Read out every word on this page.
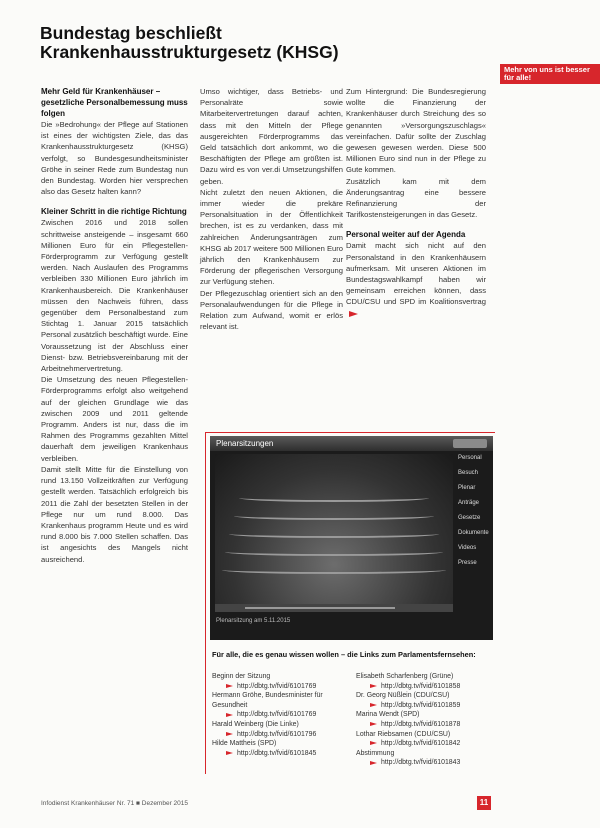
Bundestag beschließt
Krankenhausstrukturgesetz (KHSG)
Mehr von uns ist besser für alle!
Mehr Geld für Krankenhäuser – gesetzliche Personalbemessung muss folgen

Die »Bedrohung« der Pflege auf Stationen ist eines der wichtigsten Ziele, das das Krankenhausstrukturgesetz (KHSG) verfolgt, so Bundesgesundheitsminister Gröhe in seiner Rede zum Bundestag nun den Bundestag. Worden hier versprechen also das Gesetz halten kann?

Kleiner Schritt in die richtige Richtung

Zwischen 2016 und 2018 sollen schrittweise ansteigende – insgesamt 660 Millionen Euro für ein Pflegestellen-Förderprogramm zur Verfügung gestellt werden. Nach Auslaufen des Programms verbleiben 330 Millionen Euro jährlich im Krankenhausbereich. Die Krankenhäuser müssen den Nachweis führen, dass gegenüber dem Personalbestand zum Stichtag 1. Januar 2015 tatsächlich Personal zusätzlich beschäftigt wurde. Eine Voraussetzung ist der Abschluss einer Dienst- bzw. Betriebsvereinbarung mit der Arbeitnehmervertretung.

Die Umsetzung des neuen Pflegestellen-Förderprogramms erfolgt also weitgehend auf der gleichen Grundlage wie das zwischen 2009 und 2011 geltende Programm. Anders ist nur, dass die im Rahmen des Programms gezahlten Mittel dauerhaft dem jeweiligen Krankenhaus verbleiben.

Damit stellt Mitte für die Einstellung von rund 13.150 Vollzeitkräften zur Verfügung gestellt werden. Tatsächlich erfolgreich bis 2011 die Zahl der besetzten Stellen in der Pflege nur um rund 8.000. Das Krankenhaus programm Heute und es wird rund 8.000 bis 7.000 Stellen schaffen. Das ist angesichts des Mangels nicht ausreichend.

Umso wichtiger, dass Betriebs- und Personalräte sowie Mitarbeitervertretungen darauf achten, dass mit den Mitteln der Pflege ausgereichten Förderprogramms das Geld tatsächlich dort ankommt, wo die Beschäftigten der Pflege am größten ist. Dazu wird es von ver.di Umsetzungshilfen geben.

Nicht zuletzt den neuen Aktionen, die immer wieder die prekäre Personalsituation in der Öffentlichkeit brechen, ist es zu verdanken, dass mit zahlreichen Änderungsanträgen zum KHSG ab 2017 weitere 500 Millionen Euro jährlich den Krankenhäusern zur Förderung der pflegerischen Versorgung zur Verfügung stehen.

Der Pflegezuschlag orientiert sich an den Personalaufwendungen für die Pflege in Relation zum Aufwand, womit er erlös relevant ist.

Zum Hintergrund: Die Bundesregierung wollte die Finanzierung der Krankenhäuser durch Streichung des so genannten »Versorgungszuschlags« vereinfachen. Dafür sollte der Zuschlag gewesen gewesen werden. Diese 500 Millionen Euro sind nun in der Pflege zu Gute kommen.

Zusätzlich kam mit dem Änderungsantrag eine bessere Refinanzierung der Tarifkostensteigerungen in das Gesetz.

Personal weiter auf der Agenda

Damit macht sich nicht auf den Personalstand in den Krankenhäusern aufmerksam. Mit unseren Aktionen im Bundestagswahlkampf haben wir gemeinsam erreichen können, dass CDU/CSU und SPD im Koalitionsvertrag

Plenarsitzungen
Personal
Besuch
Plenar
Anträge
Gesetze
Dokumente
Videos
Presse
Plenarsitzung am 5.11.2015
Für alle, die es genau wissen wollen – die Links zum Parlamentsfernsehen:
Beginn der Sitzung
http://dbtg.tv/fvid/6101769
Hermann Gröhe, Bundesminister für Gesundheit
http://dbtg.tv/fvid/6101769
Harald Weinberg (Die Linke)
http://dbtg.tv/fvid/6101796
Hilde Mattheis (SPD)
http://dbtg.tv/fvid/6101845
Elisabeth Scharfenberg (Grüne)
http://dbtg.tv/fvid/6101858
Dr. Georg Nüßlein (CDU/CSU)
http://dbtg.tv/fvid/6101859
Marina Wendt (SPD)
http://dbtg.tv/fvid/6101878
Lothar Riebsamen (CDU/CSU)
http://dbtg.tv/fvid/6101842
Abstimmung
http://dbtg.tv/fvid/6101843
Infodienst Krankenhäuser Nr. 71 ■ Dezember 2015	11
